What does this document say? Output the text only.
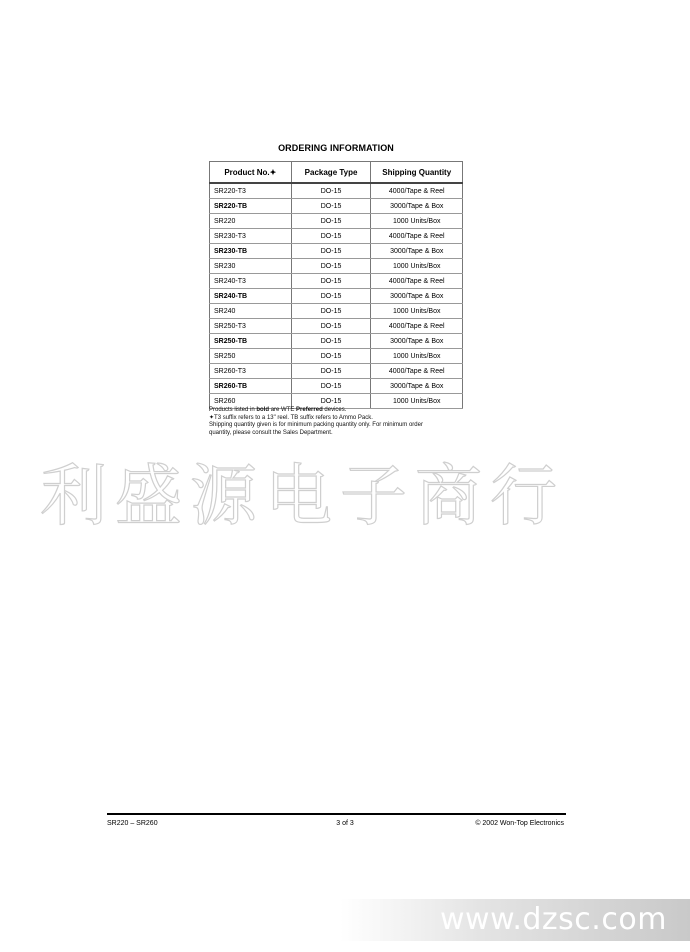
ORDERING INFORMATION
Product No.✦	Package Type	Shipping Quantity
SR220-T3	DO-15	4000/Tape & Reel
SR220-TB	DO-15	3000/Tape & Box
SR220	DO-15	1000 Units/Box
SR230-T3	DO-15	4000/Tape & Reel
SR230-TB	DO-15	3000/Tape & Box
SR230	DO-15	1000 Units/Box
SR240-T3	DO-15	4000/Tape & Reel
SR240-TB	DO-15	3000/Tape & Box
SR240	DO-15	1000 Units/Box
SR250-T3	DO-15	4000/Tape & Reel
SR250-TB	DO-15	3000/Tape & Box
SR250	DO-15	1000 Units/Box
SR260-T3	DO-15	4000/Tape & Reel
SR260-TB	DO-15	3000/Tape & Box
SR260	DO-15	1000 Units/Box
Products listed in bold are WTE Preferred devices.
✦T3 suffix refers to a 13" reel. TB suffix refers to Ammo Pack.
Shipping quantity given is for minimum packing quantity only. For minimum order
quantity, please consult the Sales Department.
利盛源电子商行
SR220 – SR260	3 of 3	© 2002 Won-Top Electronics
www.dzsc.com
